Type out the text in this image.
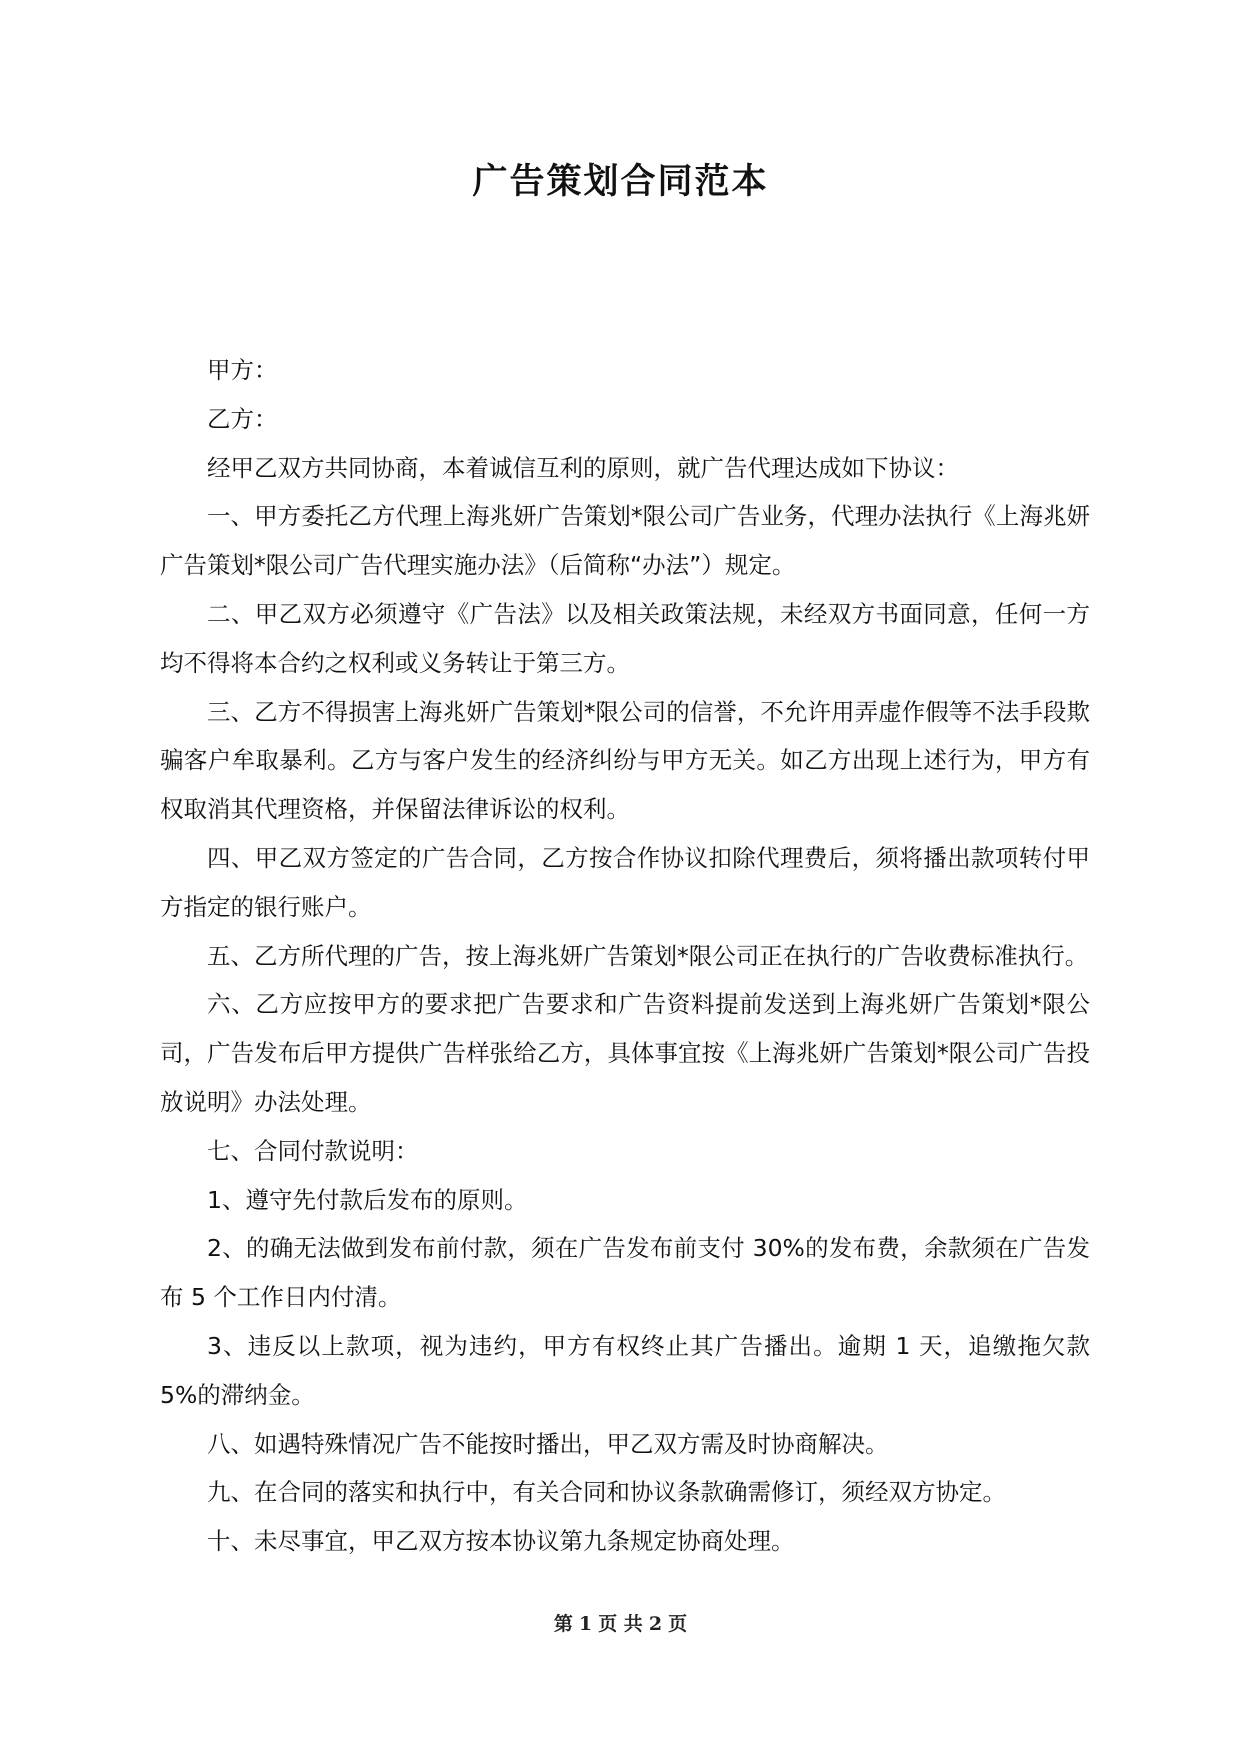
广告策划合同范本

甲方：

乙方：

经甲乙双方共同协商，本着诚信互利的原则，就广告代理达成如下协议：

一、甲方委托乙方代理上海兆妍广告策划*限公司广告业务，代理办法执行《上海兆妍广告策划*限公司广告代理实施办法》（后简称“办法”）规定。

二、甲乙双方必须遵守《广告法》以及相关政策法规，未经双方书面同意，任何一方均不得将本合约之权利或义务转让于第三方。

三、乙方不得损害上海兆妍广告策划*限公司的信誉，不允许用弄虚作假等不法手段欺骗客户牟取暴利。乙方与客户发生的经济纠纷与甲方无关。如乙方出现上述行为，甲方有权取消其代理资格，并保留法律诉讼的权利。

四、甲乙双方签定的广告合同，乙方按合作协议扣除代理费后，须将播出款项转付甲方指定的银行账户。

五、乙方所代理的广告，按上海兆妍广告策划*限公司正在执行的广告收费标准执行。

六、乙方应按甲方的要求把广告要求和广告资料提前发送到上海兆妍广告策划*限公司，广告发布后甲方提供广告样张给乙方，具体事宜按《上海兆妍广告策划*限公司广告投放说明》办法处理。

七、合同付款说明：

1、遵守先付款后发布的原则。

2、的确无法做到发布前付款，须在广告发布前支付 30%的发布费，余款须在广告发布 5 个工作日内付清。

3、违反以上款项，视为违约，甲方有权终止其广告播出。逾期 1 天，追缴拖欠款 5%的滞纳金。

八、如遇特殊情况广告不能按时播出，甲乙双方需及时协商解决。

九、在合同的落实和执行中，有关合同和协议条款确需修订，须经双方协定。

十、未尽事宜，甲乙双方按本协议第九条规定协商处理。

第 1 页 共 2 页
